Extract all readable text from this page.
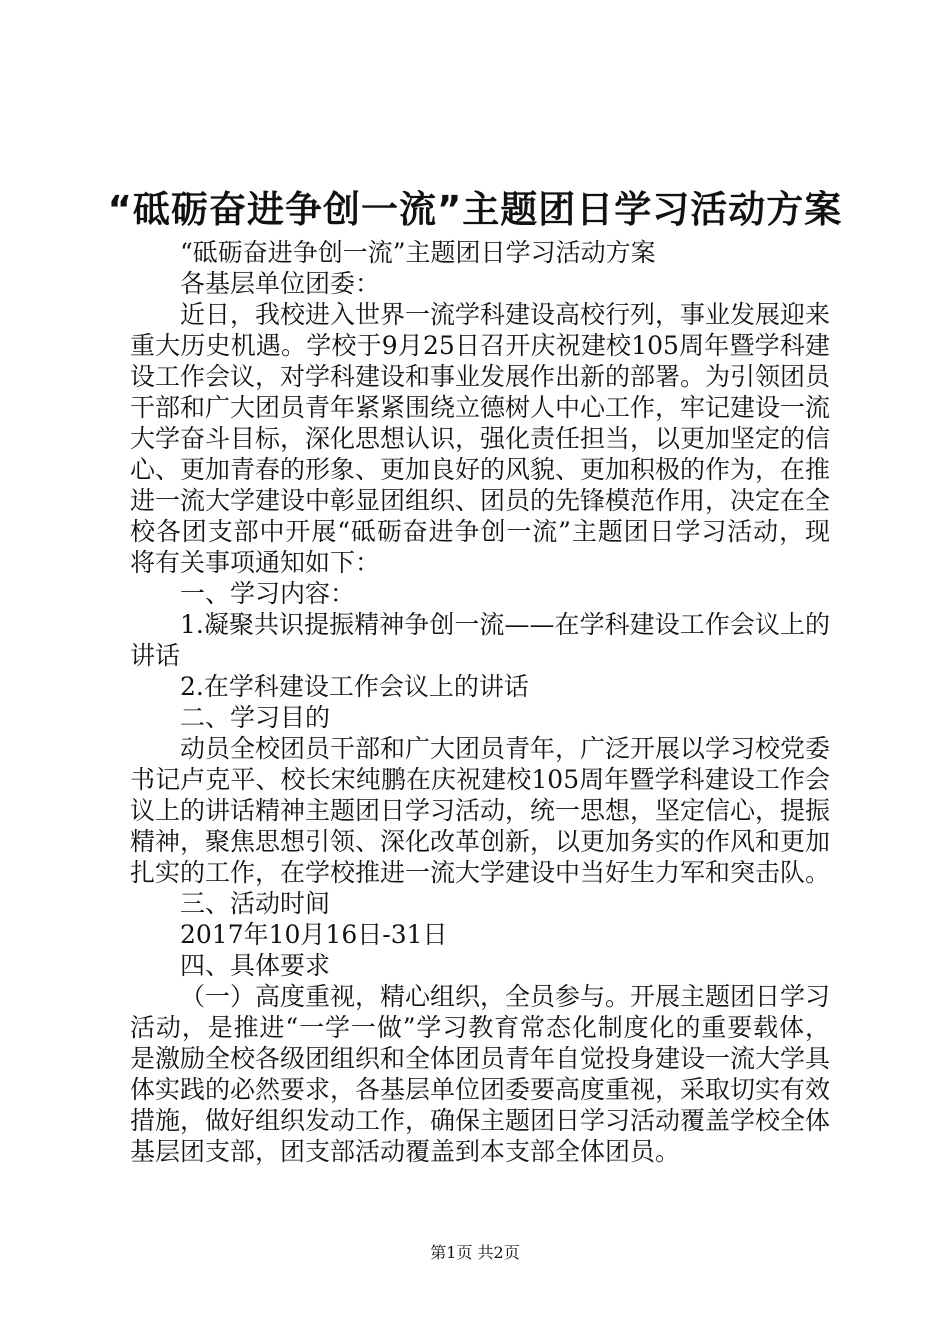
“砥砺奋进争创一流”主题团日学习活动方案

“砥砺奋进争创一流”主题团日学习活动方案

各基层单位团委：

近日，我校进入世界一流学科建设高校行列，事业发展迎来重大历史机遇。学校于9月25日召开庆祝建校105周年暨学科建设工作会议，对学科建设和事业发展作出新的部署。为引领团员干部和广大团员青年紧紧围绕立德树人中心工作，牢记建设一流大学奋斗目标，深化思想认识，强化责任担当，以更加坚定的信心、更加青春的形象、更加良好的风貌、更加积极的作为，在推进一流大学建设中彰显团组织、团员的先锋模范作用，决定在全校各团支部中开展“砥砺奋进争创一流”主题团日学习活动，现将有关事项通知如下：

一、学习内容：

1.凝聚共识提振精神争创一流——在学科建设工作会议上的讲话

2.在学科建设工作会议上的讲话

二、学习目的

动员全校团员干部和广大团员青年，广泛开展以学习校党委书记卢克平、校长宋纯鹏在庆祝建校105周年暨学科建设工作会议上的讲话精神主题团日学习活动，统一思想，坚定信心，提振精神，聚焦思想引领、深化改革创新，以更加务实的作风和更加扎实的工作，在学校推进一流大学建设中当好生力军和突击队。

三、活动时间

2017年10月16日-31日

四、具体要求

（一）高度重视，精心组织，全员参与。开展主题团日学习活动，是推进“一学一做”学习教育常态化制度化的重要载体，是激励全校各级团组织和全体团员青年自觉投身建设一流大学具体实践的必然要求，各基层单位团委要高度重视，采取切实有效措施，做好组织发动工作，确保主题团日学习活动覆盖学校全体基层团支部，团支部活动覆盖到本支部全体团员。

第1页 共2页
